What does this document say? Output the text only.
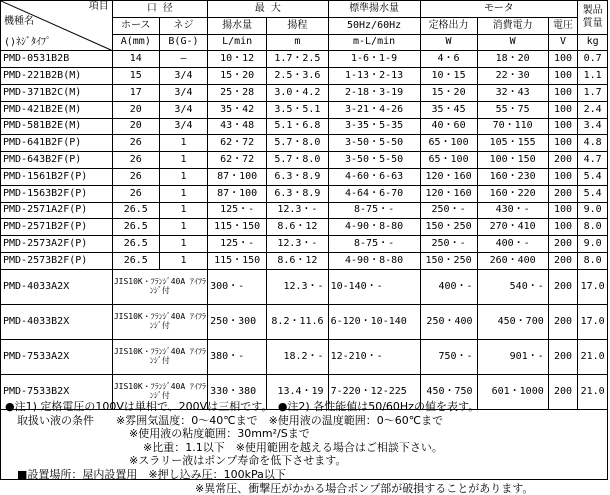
項目
機種名
()ﾈｼﾞﾀｲﾌﾟ	口 径		最 大		標準揚水量	モータ			製品
質量
	ホース	ネジ	揚水量	揚程	50Hz/60Hz	定格出力	消費電力	電圧	
	A(mm)	B(G-)	L/min	m	m-L/min	W	W	V	kg
PMD-0531B2B	14	—	10・12	1.7・2.5	1-6・1-9	4・6	18・20	100	0.7
PMD-221B2B(M)	15	3/4	15・20	2.5・3.6	1-13・2-13	10・15	22・30	100	1.1
PMD-371B2C(M)	17	3/4	25・28	3.0・4.2	2-18・3-19	15・20	32・43	100	1.7
PMD-421B2E(M)	20	3/4	35・42	3.5・5.1	3-21・4-26	35・45	55・75	100	2.4
PMD-581B2E(M)	20	3/4	43・48	5.1・6.8	3-35・5-35	40・60	70・110	100	3.4
PMD-641B2F(P)	26	1	62・72	5.7・8.0	3-50・5-50	65・100	105・155	100	4.8
PMD-643B2F(P)	26	1	62・72	5.7・8.0	3-50・5-50	65・100	100・150	200	4.7
PMD-1561B2F(P)	26	1	87・100	6.3・8.9	4-60・6-63	120・160	160・230	100	5.4
PMD-1563B2F(P)	26	1	87・100	6.3・8.9	4-64・6-70	120・160	160・220	200	5.4
PMD-2571A2F(P)	26.5	1	125・-	12.3・-	8-75・-	250・-	430・-	100	9.0
PMD-2571B2F(P)	26.5	1	115・150	8.6・12	4-90・8-80	150・250	270・410	100	8.0
PMD-2573A2F(P)	26.5	1	125・-	12.3・-	8-75・-	250・-	400・-	200	9.0
PMD-2573B2F(P)	26.5	1	115・150	8.6・12	4-90・8-80	150・250	260・400	200	8.0
PMD-4033A2X	JIS10K・ﾌﾗﾝｼﾞ40A ｱｲﾌﾗﾝｼﾞ付		300・-	12.3・-	10-140・-	400・-	540・-	200	17.0
PMD-4033B2X	JIS10K・ﾌﾗﾝｼﾞ40A ｱｲﾌﾗﾝｼﾞ付		250・300	8.2・11.6	6-120・10-140	250・400	450・700	200	17.0
PMD-7533A2X	JIS10K・ﾌﾗﾝｼﾞ40A ｱｲﾌﾗﾝｼﾞ付		380・-	18.2・-	12-210・-	750・-	901・-	200	21.0
PMD-7533B2X	JIS10K・ﾌﾗﾝｼﾞ40A ｱｲﾌﾗﾝｼﾞ付		330・380	13.4・19	7-220・12-225	450・750	601・1000	200	21.0
●注1) 定格電圧の100Vは単相で、200Vは三相です。　●注2) 各性能値は50/60Hzの値を表す。
取扱い液の条件　　※雰囲気温度：0～40℃まで　※使用液の温度範囲：0～60℃まで
※使用液の粘度範囲：30mm²/Sまで
※比重：1.1以下　※使用範囲を越える場合はご相談下さい。
※スラリー液はポンプ寿命を低下させます。
■設置場所：屋内設置用　※押し込み圧：100kPa以下
※異常圧、衝撃圧がかかる場合ポンプ部が破損することがあります。
